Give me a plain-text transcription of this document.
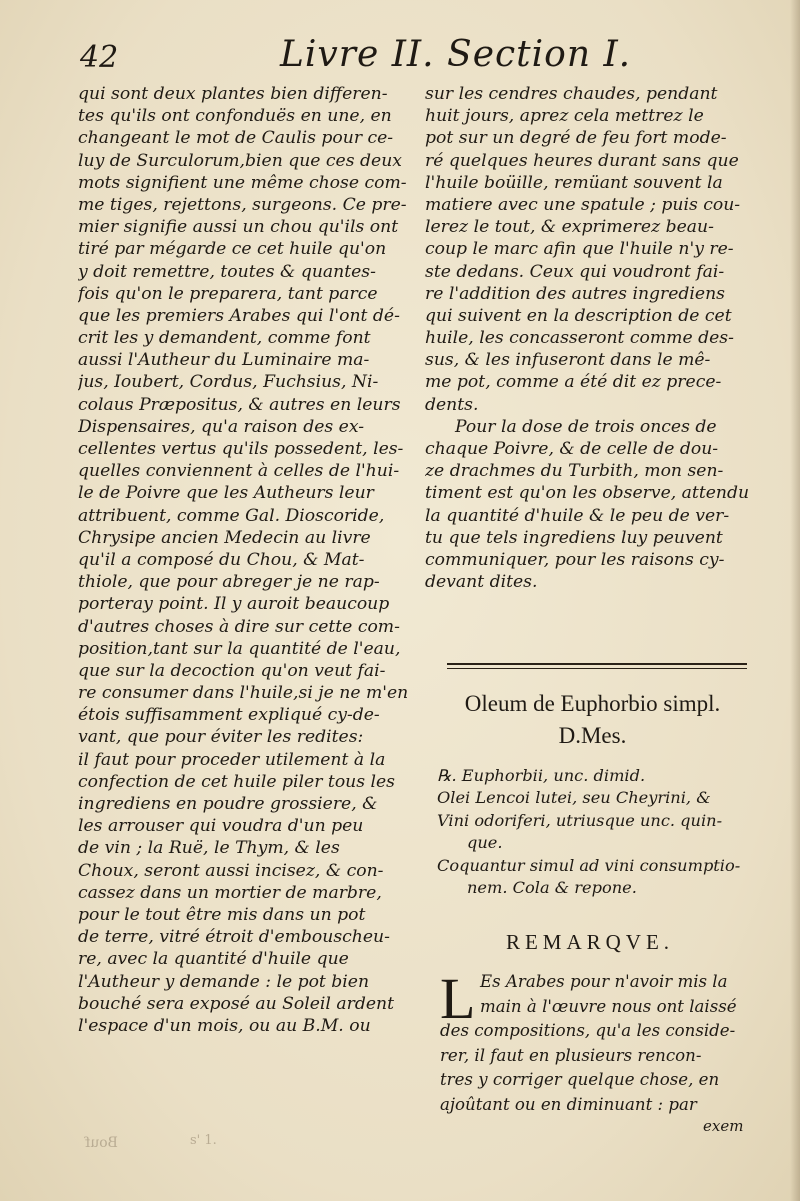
42	Livre II. Section I.
qui sont deux plantes bien differen-
tes qu'ils ont confonduës en une, en
changeant le mot de Caulis pour ce-
luy de Surculorum,bien que ces deux
mots signifient une même chose com-
me tiges, rejettons, surgeons. Ce pre-
mier signifie aussi un chou qu'ils ont
tiré par mégarde ce cet huile qu'on
y doit remettre, toutes & quantes-
fois qu'on le preparera, tant parce
que les premiers Arabes qui l'ont dé-
crit les y demandent, comme font
aussi l'Autheur du Luminaire ma-
jus, Ioubert, Cordus, Fuchsius, Ni-
colaus Præpositus, & autres en leurs
Dispensaires, qu'a raison des ex-
cellentes vertus qu'ils possedent, les-
quelles conviennent à celles de l'hui-
le de Poivre que les Autheurs leur
attribuent, comme Gal. Dioscoride,
Chrysipe ancien Medecin au livre
qu'il a composé du Chou, & Mat-
thiole, que pour abreger je ne rap-
porteray point. Il y auroit beaucoup
d'autres choses à dire sur cette com-
position,tant sur la quantité de l'eau,
que sur la decoction qu'on veut fai-
re consumer dans l'huile,si je ne m'en
étois suffisamment expliqué cy-de-
vant, que pour éviter les redites:
il faut pour proceder utilement à la
confection de cet huile piler tous les
ingrediens en poudre grossiere, &
les arrouser qui voudra d'un peu
de vin ; la Ruë, le Thym, & les
Choux, seront aussi incisez, & con-
cassez dans un mortier de marbre,
pour le tout être mis dans un pot
de terre, vitré étroit d'embouscheu-
re, avec la quantité d'huile que
l'Autheur y demande : le pot bien
bouché sera exposé au Soleil ardent
l'espace d'un mois, ou au B.M. ou
sur les cendres chaudes, pendant
huit jours, aprez cela mettrez le
pot sur un degré de feu fort mode-
ré quelques heures durant sans que
l'huile boüille, remüant souvent la
matiere avec une spatule ; puis cou-
lerez le tout, & exprimerez beau-
coup le marc afin que l'huile n'y re-
ste dedans. Ceux qui voudront fai-
re l'addition des autres ingrediens
qui suivent en la description de cet
huile, les concasseront comme des-
sus, & les infuseront dans le mê-
me pot, comme a été dit ez prece-
dents.
Pour la dose de trois onces de
chaque Poivre, & de celle de dou-
ze drachmes du Turbith, mon sen-
timent est qu'on les observe, attendu
la quantité d'huile & le peu de ver-
tu que tels ingrediens luy peuvent
communiquer, pour les raisons cy-
devant dites.
Oleum de Euphorbio simpl.
D.Mes.
℞. Euphorbii, unc. dimid.
Olei Lencoi lutei, seu Cheyrini, &
Vini odoriferi, utriusque unc. quin-
que.
Coquantur simul ad vini consumptio-
nem. Cola & repone.
REMARQVE.
L Es Arabes pour n'avoir mis la
main à l'œuvre nous ont laissé
des compositions, qu'a les conside-
rer, il faut en plusieurs rencon-
tres y corriger quelque chose, en
ajoûtant ou en diminuant : par
exem
Bouf	s' 1.
